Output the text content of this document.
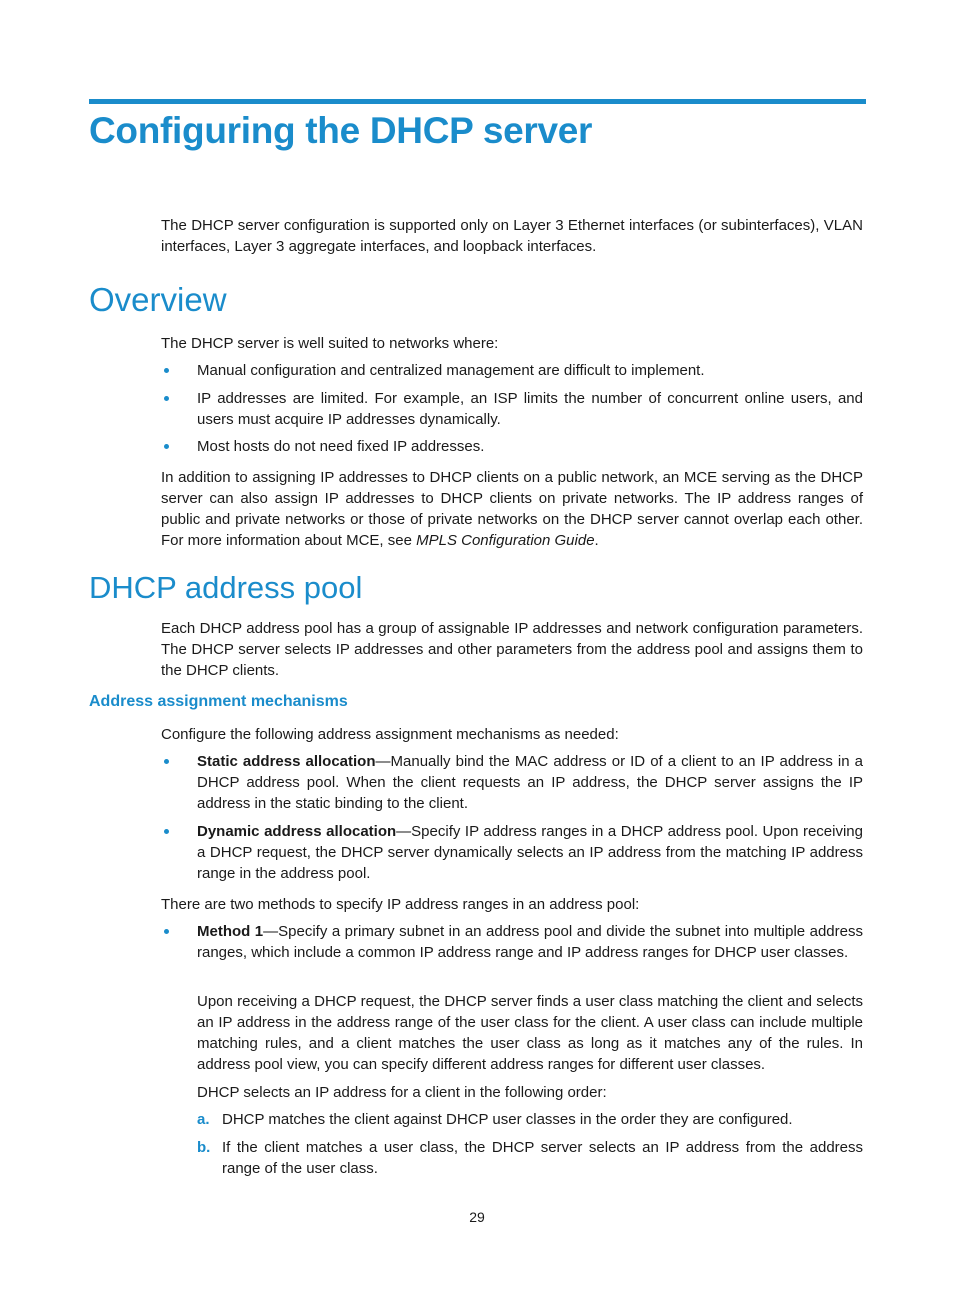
Configuring the DHCP server

The DHCP server configuration is supported only on Layer 3 Ethernet interfaces (or subinterfaces), VLAN interfaces, Layer 3 aggregate interfaces, and loopback interfaces.

Overview

The DHCP server is well suited to networks where:

Manual configuration and centralized management are difficult to implement.
IP addresses are limited. For example, an ISP limits the number of concurrent online users, and users must acquire IP addresses dynamically.
Most hosts do not need fixed IP addresses.

In addition to assigning IP addresses to DHCP clients on a public network, an MCE serving as the DHCP server can also assign IP addresses to DHCP clients on private networks. The IP address ranges of public and private networks or those of private networks on the DHCP server cannot overlap each other. For more information about MCE, see MPLS Configuration Guide.

DHCP address pool

Each DHCP address pool has a group of assignable IP addresses and network configuration parameters. The DHCP server selects IP addresses and other parameters from the address pool and assigns them to the DHCP clients.

Address assignment mechanisms

Configure the following address assignment mechanisms as needed:

Static address allocation—Manually bind the MAC address or ID of a client to an IP address in a DHCP address pool. When the client requests an IP address, the DHCP server assigns the IP address in the static binding to the client.
Dynamic address allocation—Specify IP address ranges in a DHCP address pool. Upon receiving a DHCP request, the DHCP server dynamically selects an IP address from the matching IP address range in the address pool.

There are two methods to specify IP address ranges in an address pool:

Method 1—Specify a primary subnet in an address pool and divide the subnet into multiple address ranges, which include a common IP address range and IP address ranges for DHCP user classes.

Upon receiving a DHCP request, the DHCP server finds a user class matching the client and selects an IP address in the address range of the user class for the client. A user class can include multiple matching rules, and a client matches the user class as long as it matches any of the rules. In address pool view, you can specify different address ranges for different user classes.

DHCP selects an IP address for a client in the following order:

a. DHCP matches the client against DHCP user classes in the order they are configured.
b. If the client matches a user class, the DHCP server selects an IP address from the address range of the user class.
29
